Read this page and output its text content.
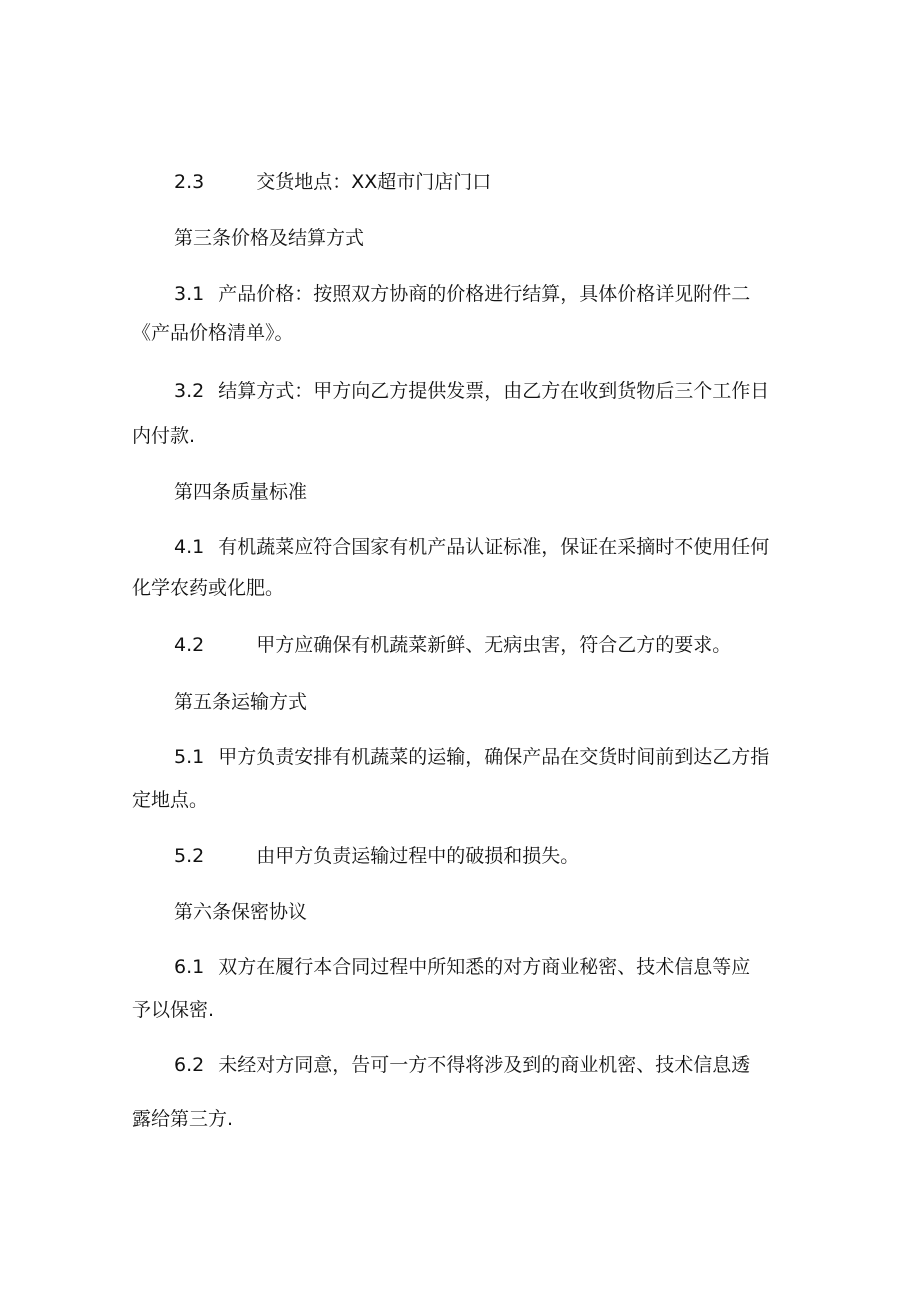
2.3	交货地点：XX超市门店门口
第三条价格及结算方式
3.1 产品价格：按照双方协商的价格进行结算，具体价格详见附件二
《产品价格清单》。
3.2 结算方式：甲方向乙方提供发票，由乙方在收到货物后三个工作日
内付款.
第四条质量标准
4.1 有机蔬菜应符合国家有机产品认证标准，保证在采摘时不使用任何
化学农药或化肥。
4.2	甲方应确保有机蔬菜新鲜、无病虫害，符合乙方的要求。
第五条运输方式
5.1 甲方负责安排有机蔬菜的运输，确保产品在交货时间前到达乙方指
定地点。
5.2	由甲方负责运输过程中的破损和损失。
第六条保密协议
6.1 双方在履行本合同过程中所知悉的对方商业秘密、技术信息等应
予以保密.
6.2 未经对方同意，告可一方不得将涉及到的商业机密、技术信息透
露给第三方.
